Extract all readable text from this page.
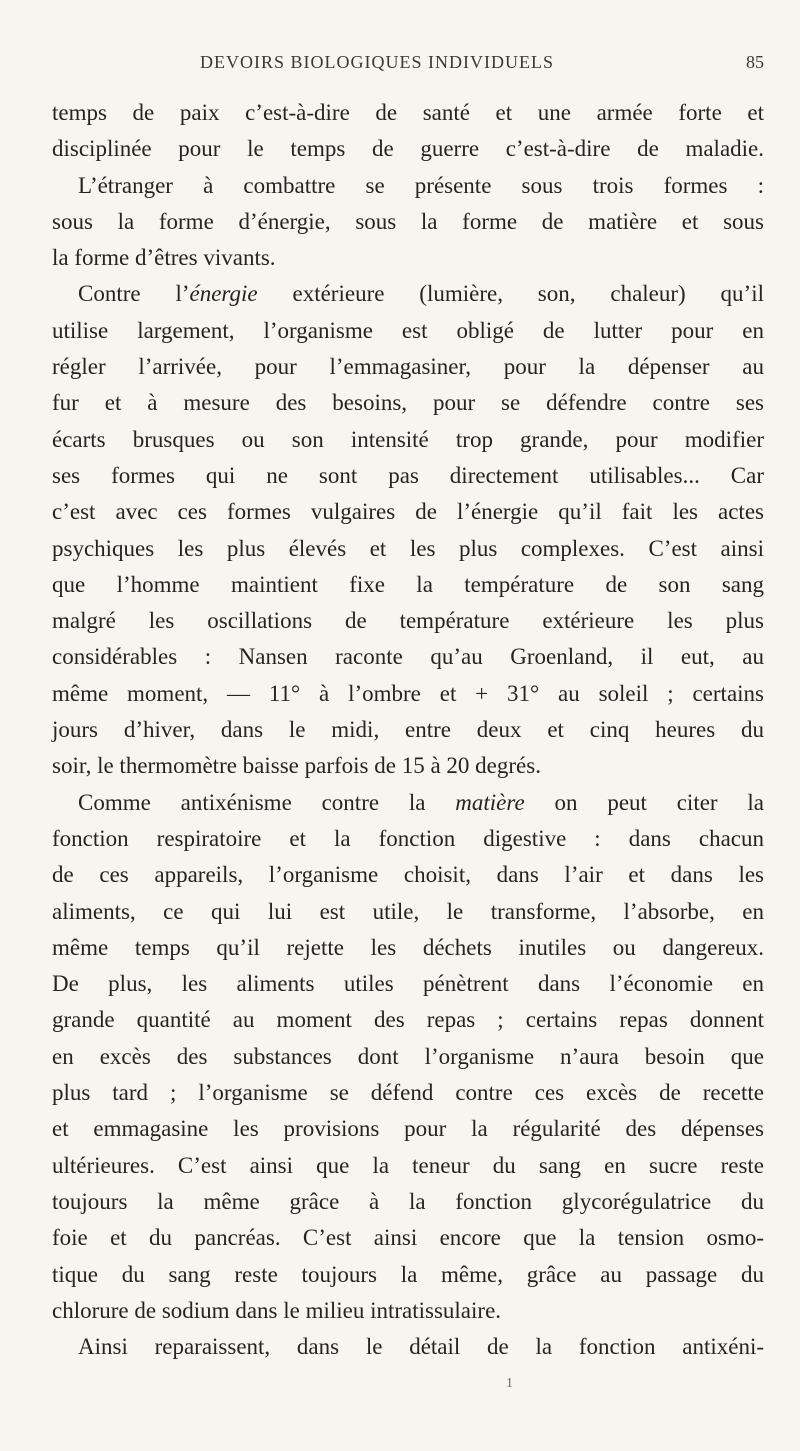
DEVOIRS BIOLOGIQUES INDIVIDUELS	85
temps de paix c’est-à-dire de santé et une armée forte et
disciplinée pour le temps de guerre c’est-à-dire de maladie.
L’étranger à combattre se présente sous trois formes :
sous la forme d’énergie, sous la forme de matière et sous
la forme d’êtres vivants.
Contre l’énergie extérieure (lumière, son, chaleur) qu’il
utilise largement, l’organisme est obligé de lutter pour en
régler l’arrivée, pour l’emmagasiner, pour la dépenser au
fur et à mesure des besoins, pour se défendre contre ses
écarts brusques ou son intensité trop grande, pour modifier
ses formes qui ne sont pas directement utilisables... Car
c’est avec ces formes vulgaires de l’énergie qu’il fait les actes
psychiques les plus élevés et les plus complexes. C’est ainsi
que l’homme maintient fixe la température de son sang
malgré les oscillations de température extérieure les plus
considérables : Nansen raconte qu’au Groenland, il eut, au
même moment, — 11° à l’ombre et + 31° au soleil ; certains
jours d’hiver, dans le midi, entre deux et cinq heures du
soir, le thermomètre baisse parfois de 15 à 20 degrés.
Comme antixénisme contre la matière on peut citer la
fonction respiratoire et la fonction digestive : dans chacun
de ces appareils, l’organisme choisit, dans l’air et dans les
aliments, ce qui lui est utile, le transforme, l’absorbe, en
même temps qu’il rejette les déchets inutiles ou dangereux.
De plus, les aliments utiles pénètrent dans l’économie en
grande quantité au moment des repas ; certains repas donnent
en excès des substances dont l’organisme n’aura besoin que
plus tard ; l’organisme se défend contre ces excès de recette
et emmagasine les provisions pour la régularité des dépenses
ultérieures. C’est ainsi que la teneur du sang en sucre reste
toujours la même grâce à la fonction glycorégulatrice du
foie et du pancréas. C’est ainsi encore que la tension osmo-
tique du sang reste toujours la même, grâce au passage du
chlorure de sodium dans le milieu intratissulaire.
Ainsi reparaissent, dans le détail de la fonction antixéni-
1
